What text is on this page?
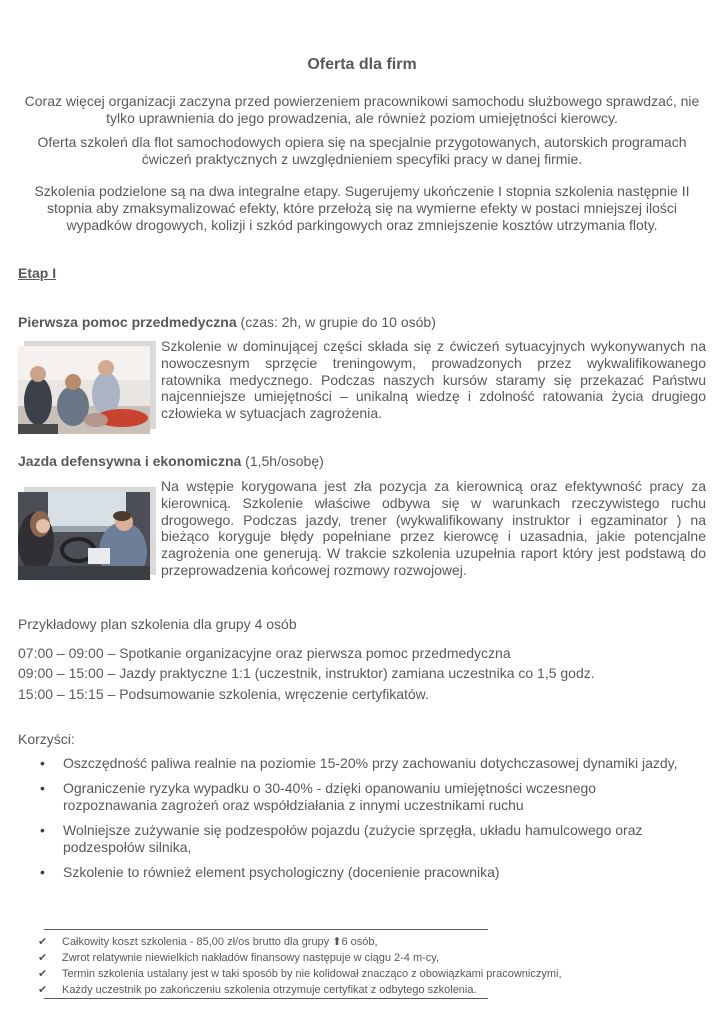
Oferta dla firm
Coraz więcej organizacji zaczyna przed powierzeniem pracownikowi samochodu służbowego sprawdzać, nie tylko uprawnienia do jego prowadzenia, ale również poziom umiejętności kierowcy.
Oferta szkoleń dla flot samochodowych opiera się na specjalnie przygotowanych, autorskich programach ćwiczeń praktycznych z uwzględnieniem specyfiki pracy w danej firmie.
Szkolenia podzielone są na dwa integralne etapy. Sugerujemy ukończenie I stopnia szkolenia następnie II stopnia aby zmaksymalizować efekty, które przełożą się na wymierne efekty w postaci mniejszej ilości wypadków drogowych, kolizji i szkód parkingowych oraz zmniejszenie kosztów utrzymania floty.
Etap I
Pierwsza pomoc przedmedyczna (czas: 2h, w grupie do 10 osób)
Szkolenie w dominującej części składa się z ćwiczeń sytuacyjnych wykonywanych na nowoczesnym sprzęcie treningowym, prowadzonych przez wykwalifikowanego ratownika medycznego. Podczas naszych kursów staramy się przekazać Państwu najcenniejsze umiejętności – unikalną wiedzę i zdolność ratowania życia drugiego człowieka w sytuacjach zagrożenia.
Jazda defensywna i ekonomiczna (1,5h/osobę)
Na wstępie korygowana jest zła pozycja za kierownicą oraz efektywność pracy za kierownicą. Szkolenie właściwe odbywa się w warunkach rzeczywistego ruchu drogowego. Podczas jazdy, trener (wykwalifikowany instruktor i egzaminator ) na bieżąco koryguje błędy popełniane przez kierowcę i uzasadnia, jakie potencjalne zagrożenia one generują. W trakcie szkolenia uzupełnia raport który jest podstawą do przeprowadzenia końcowej rozmowy rozwojowej.
Przykładowy plan szkolenia dla grupy 4 osób
07:00 – 09:00 – Spotkanie organizacyjne oraz pierwsza pomoc przedmedyczna
09:00 – 15:00 – Jazdy praktyczne 1:1 (uczestnik, instruktor) zamiana uczestnika co 1,5 godz.
15:00 – 15:15 – Podsumowanie szkolenia, wręczenie certyfikatów.
Korzyści:
• Oszczędność paliwa realnie na poziomie 15-20% przy zachowaniu dotychczasowej dynamiki jazdy,
• Ograniczenie ryzyka wypadku o 30-40% - dzięki opanowaniu umiejętności wczesnego rozpoznawania zagrożeń oraz współdziałania z innymi uczestnikami ruchu
• Wolniejsze zużywanie się podzespołów pojazdu (zużycie sprzęgła, układu hamulcowego oraz podzespołów silnika,
• Szkolenie to również element psychologiczny (docenienie pracownika)
✔ Całkowity koszt szkolenia - 85,00 zł/os brutto dla grupy ⬆6 osób,
✔ Zwrot relatywnie niewielkich nakładów finansowy następuje w ciągu 2-4 m-cy,
✔ Termin szkolenia ustalany jest w taki sposób by nie kolidował znacząco z obowiązkami pracowniczymi,
✔ Każdy uczestnik po zakończeniu szkolenia otrzymuje certyfikat z odbytego szkolenia.
